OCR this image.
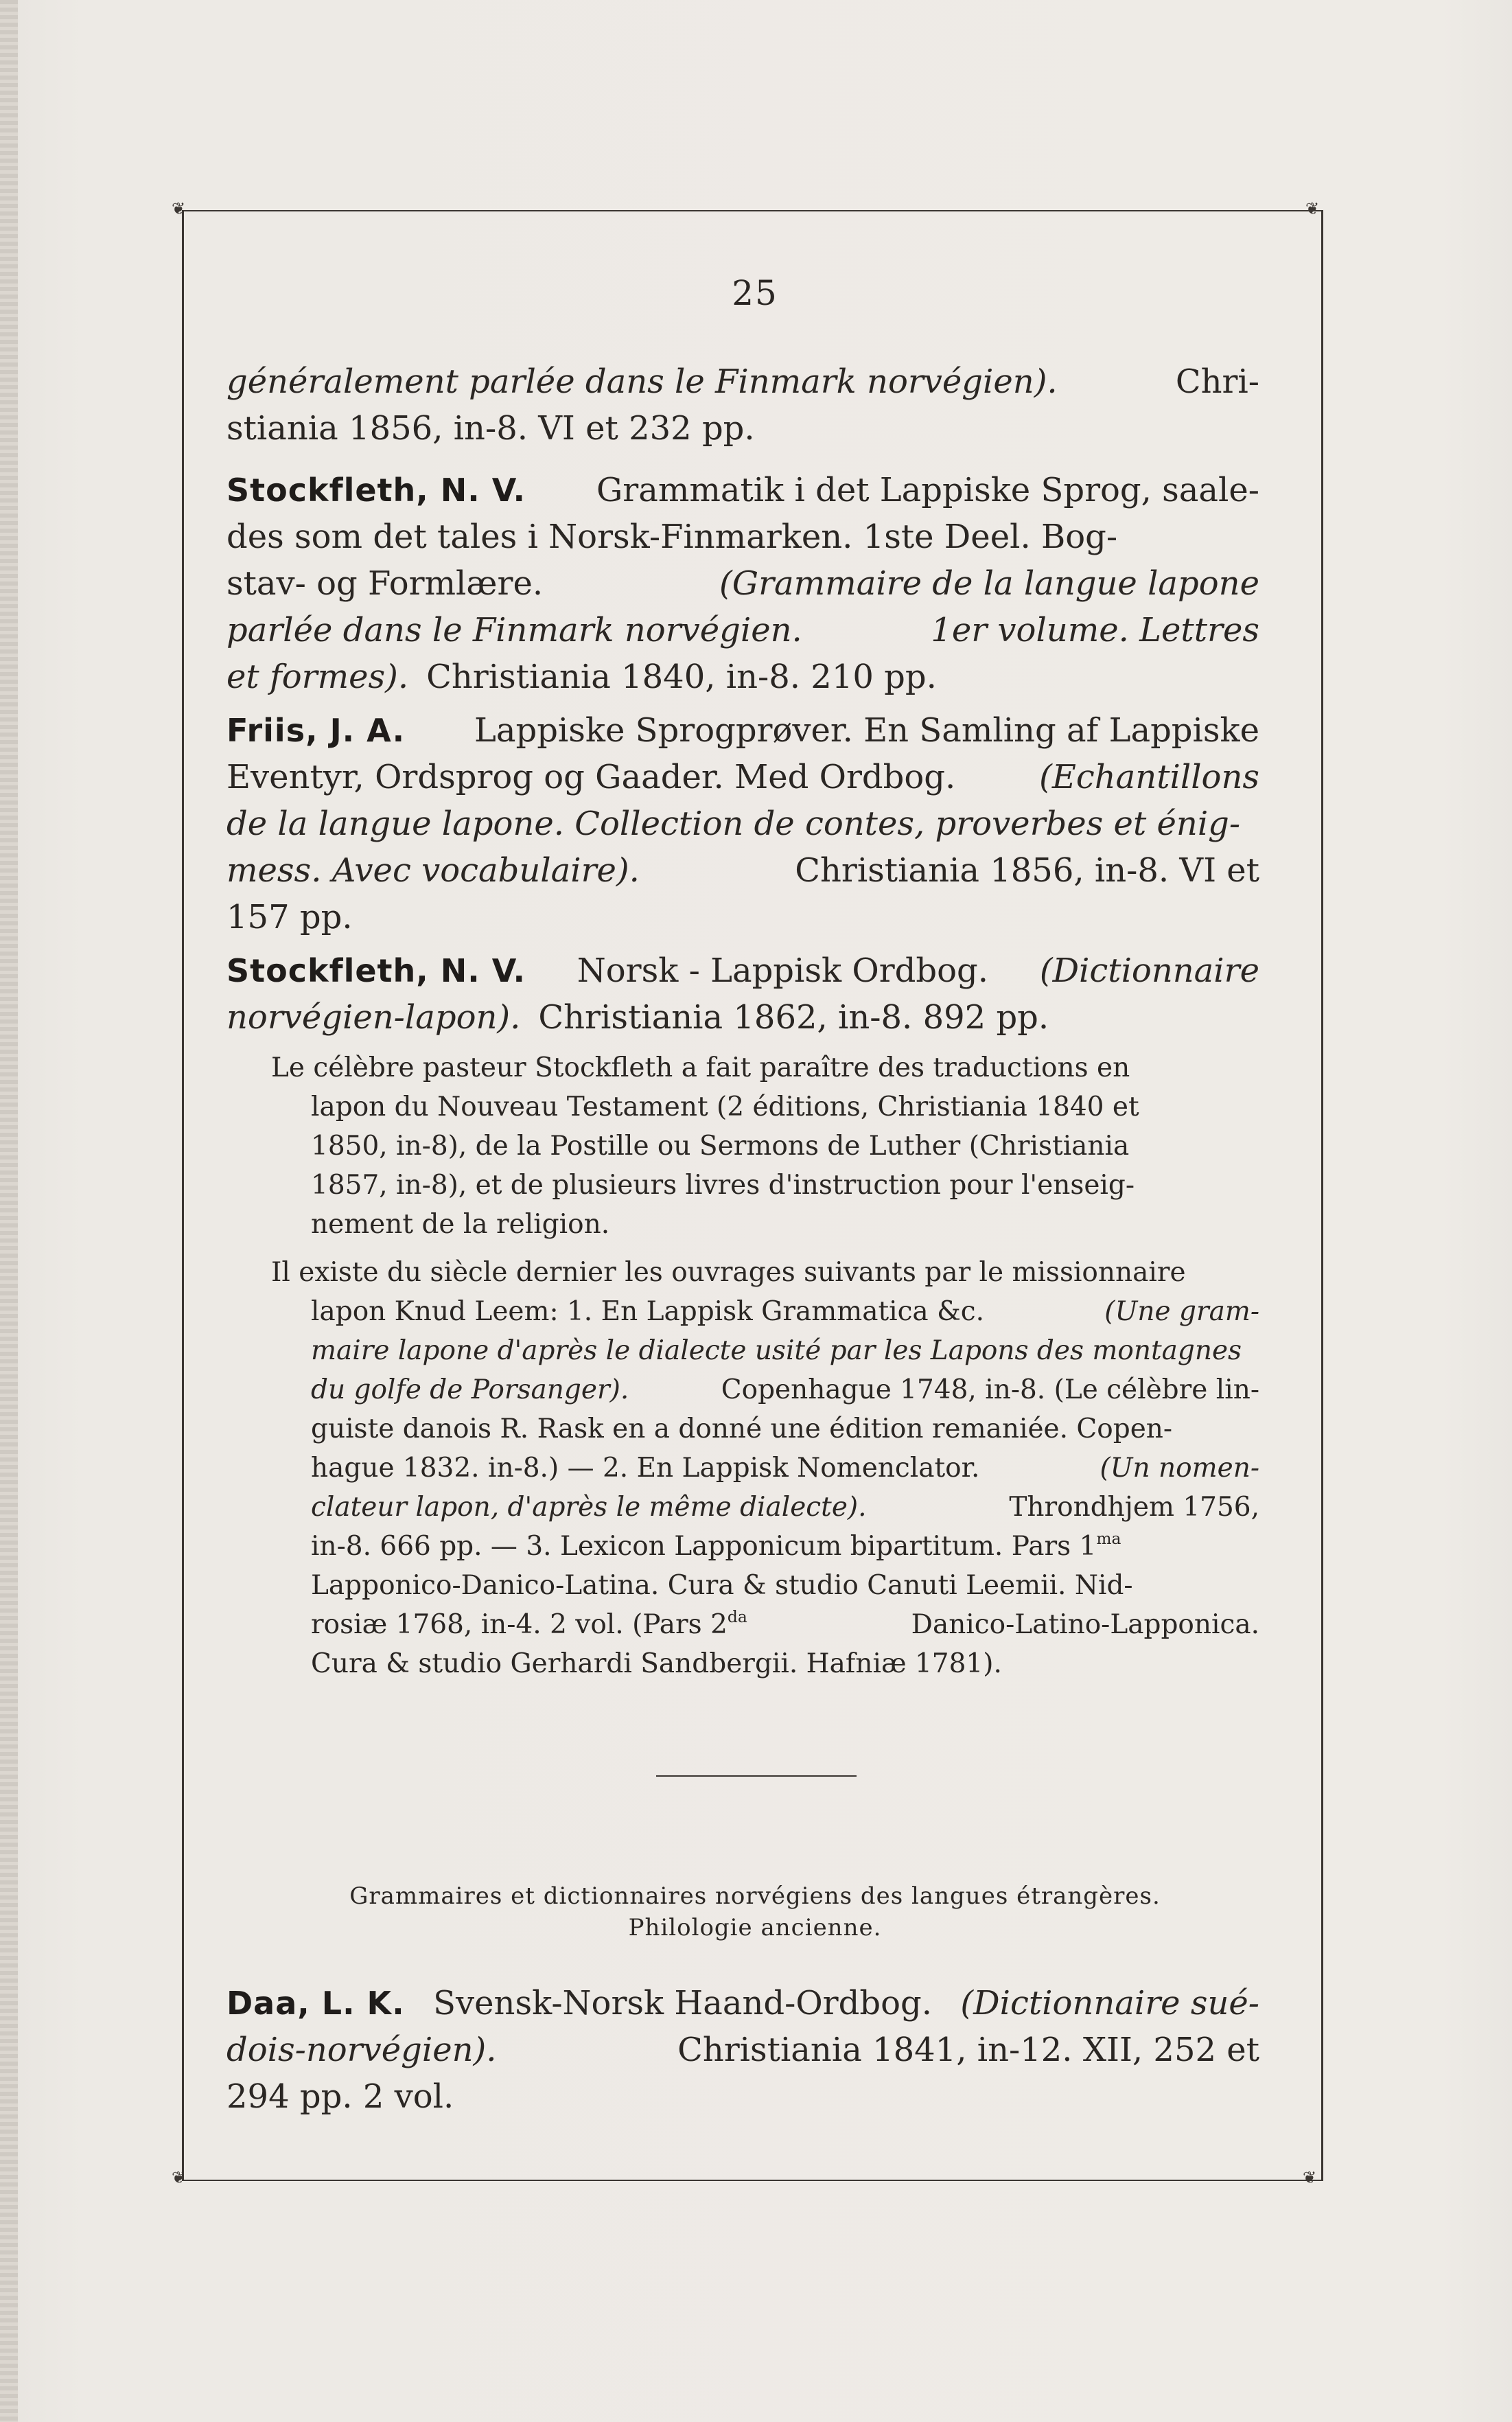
❦	❦
❦	❦
25
généralement parlée dans le Finmark norvégien).	Chri-
stiania 1856, in-8. VI et 232 pp.
Stockfleth, N. V. Grammatik i det Lappiske Sprog, saale-
des som det tales i Norsk-Finmarken. 1ste Deel. Bog-
stav- og Formlære.	(Grammaire de la langue lapone
parlée dans le Finmark norvégien.	1er volume. Lettres
et formes). Christiania 1840, in-8. 210 pp.
Friis, J. A. Lappiske Sprogprøver. En Samling af Lappiske
Eventyr, Ordsprog og Gaader. Med Ordbog.	(Echantillons
de la langue lapone. Collection de contes, proverbes et énig-
mess. Avec vocabulaire).	Christiania 1856, in-8. VI et
157 pp.
Stockfleth, N. V. Norsk - Lappisk Ordbog. (Dictionnaire
norvégien-lapon). Christiania 1862, in-8. 892 pp.
Le célèbre pasteur Stockfleth a fait paraître des traductions en
lapon du Nouveau Testament (2 éditions, Christiania 1840 et
1850, in-8), de la Postille ou Sermons de Luther (Christiania
1857, in-8), et de plusieurs livres d'instruction pour l'enseig-
nement de la religion.
Il existe du siècle dernier les ouvrages suivants par le missionnaire
lapon Knud Leem: 1. En Lappisk Grammatica &c.	(Une gram-
maire lapone d'après le dialecte usité par les Lapons des montagnes
du golfe de Porsanger).	Copenhague 1748, in-8. (Le célèbre lin-
guiste danois R. Rask en a donné une édition remaniée. Copen-
hague 1832. in-8.) — 2. En Lappisk Nomenclator.	(Un nomen-
clateur lapon, d'après le même dialecte).	Throndhjem 1756,
in-8. 666 pp. — 3. Lexicon Lapponicum bipartitum. Pars $1^{ma}$
Lapponico-Danico-Latina. Cura & studio Canuti Leemii. Nid-
rosiæ 1768, in-4. 2 vol. (Pars $2^{da}$	Danico-Latino-Lapponica.
Cura & studio Gerhardi Sandbergii. Hafniæ 1781).
Grammaires et dictionnaires norvégiens des langues étrangères.
Philologie ancienne.
Daa, L. K. Svensk-Norsk Haand-Ordbog. (Dictionnaire sué-
dois-norvégien).	Christiania 1841, in-12. XII, 252 et
294 pp. 2 vol.
